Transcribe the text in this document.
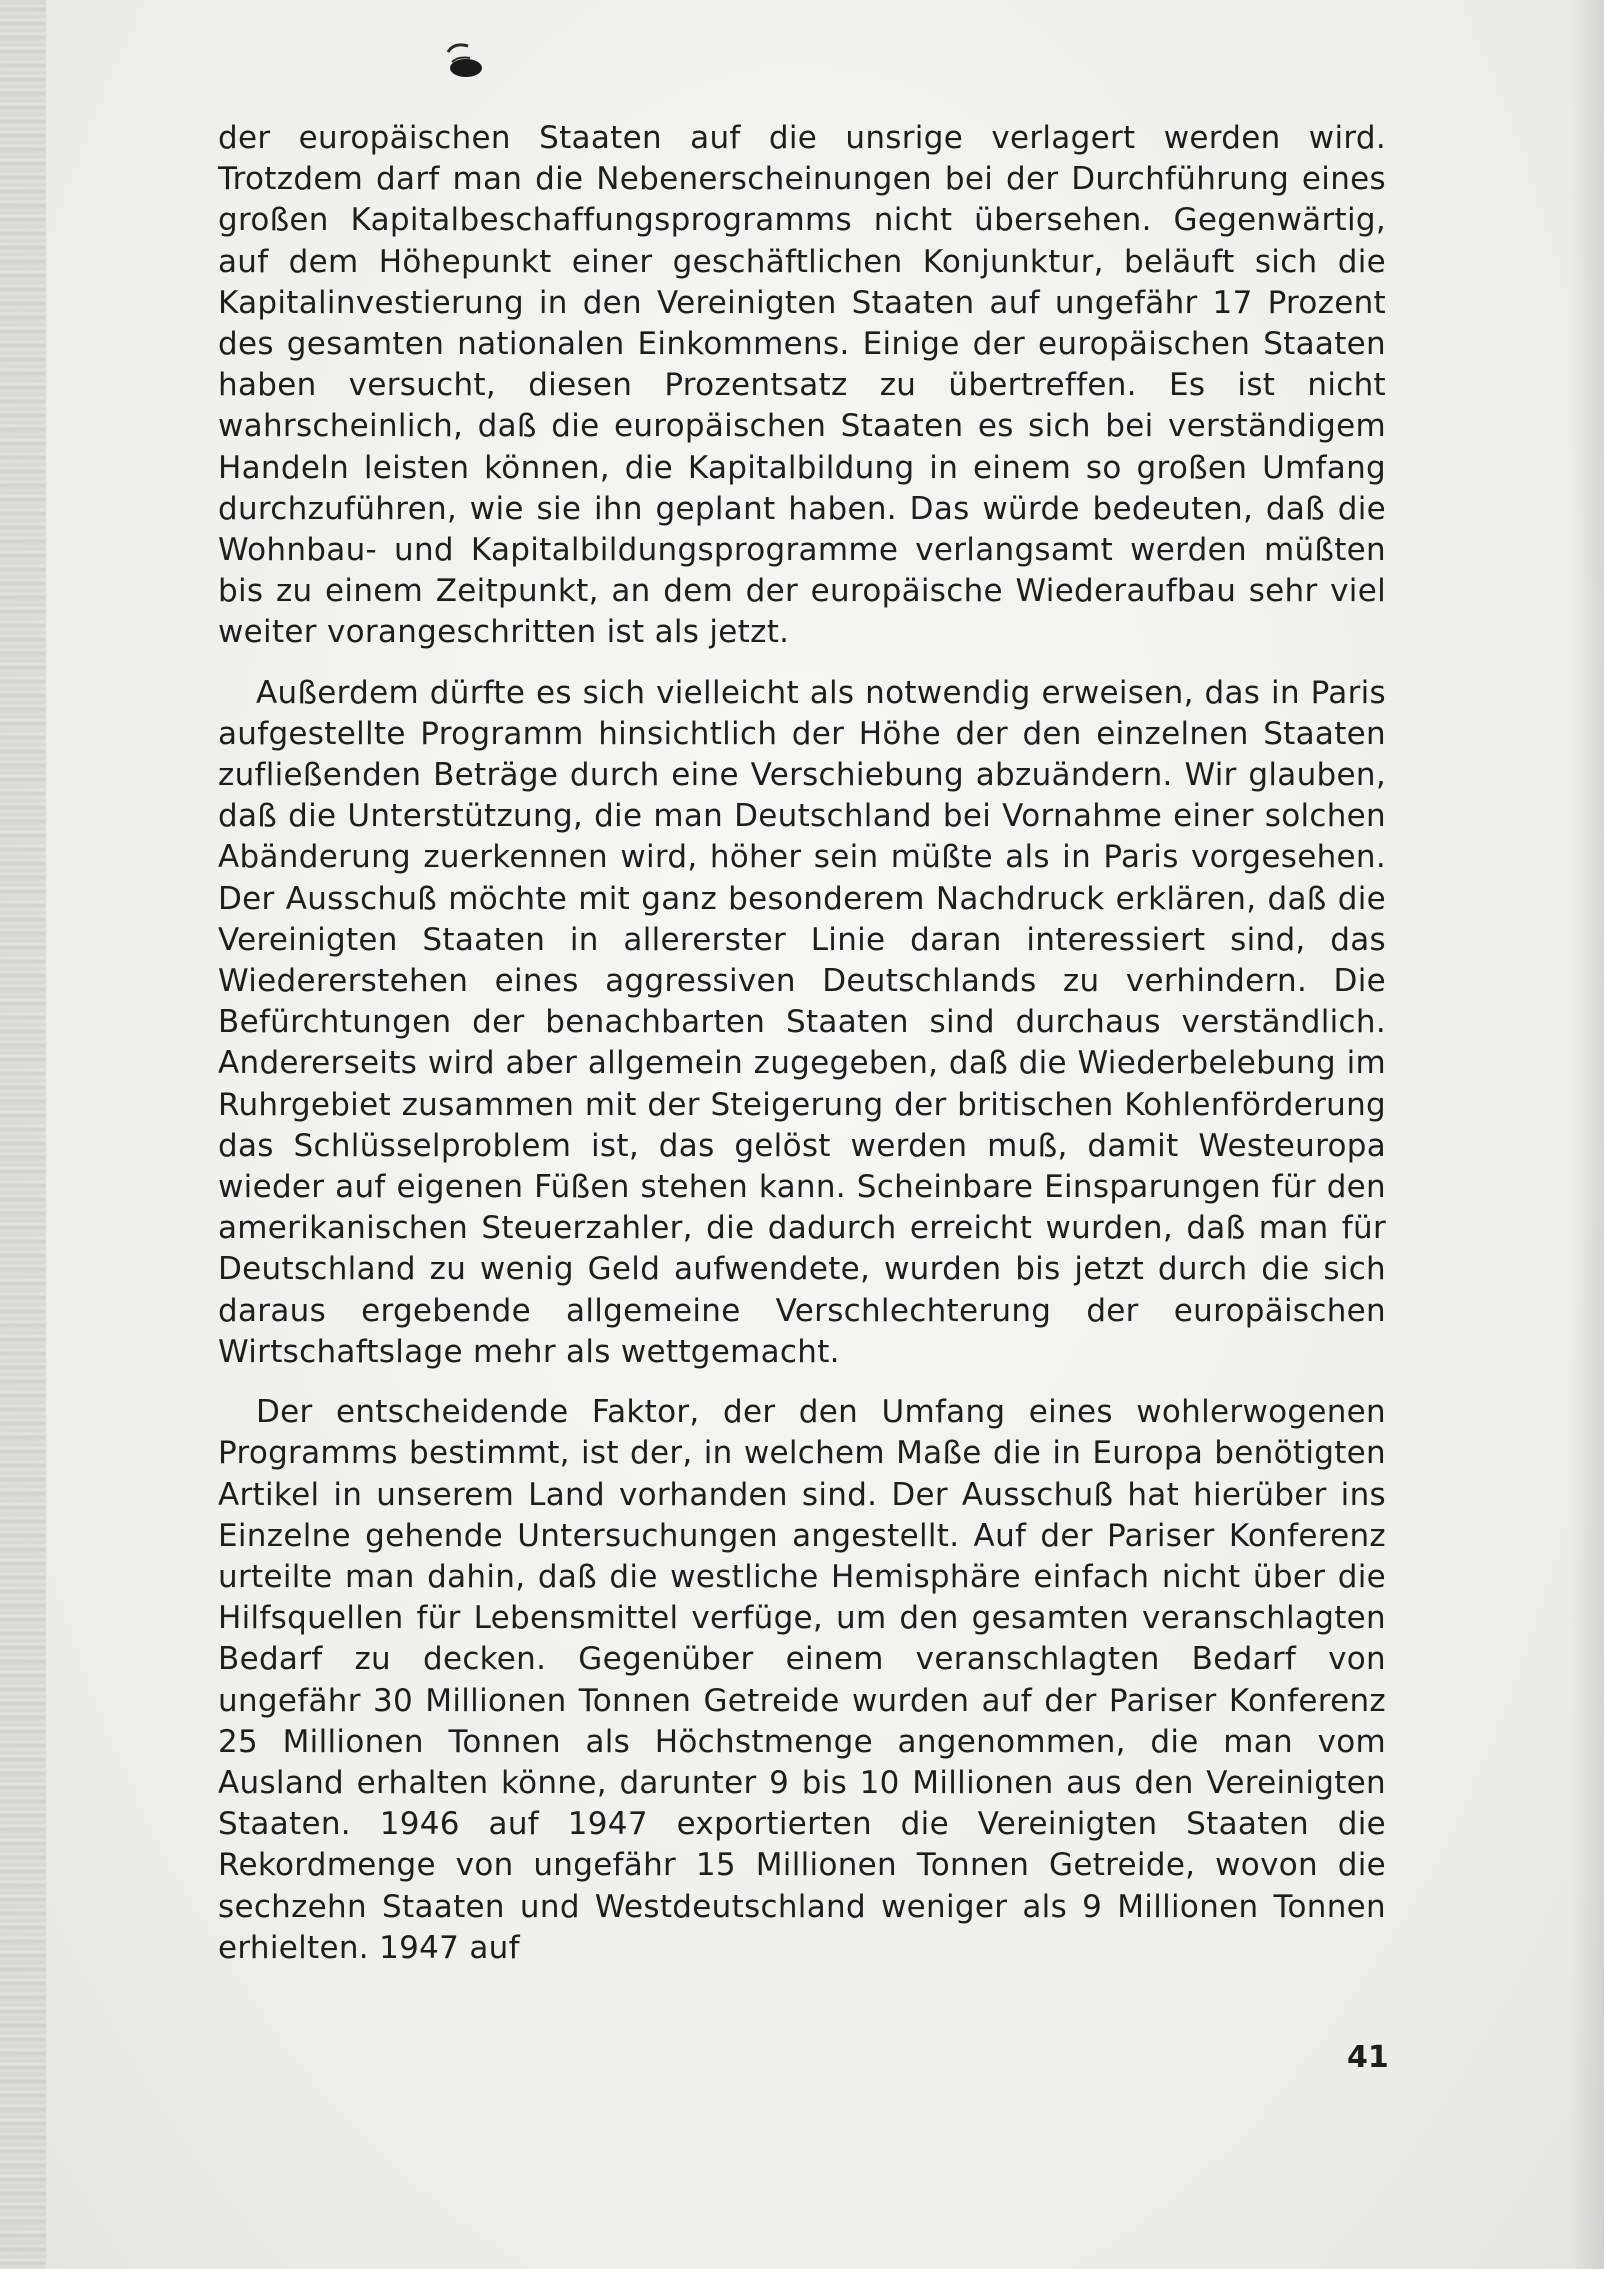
der europäischen Staaten auf die unsrige verlagert werden wird. Trotzdem darf man die Nebenerscheinungen bei der Durchführung eines großen Kapitalbeschaffungsprogramms nicht übersehen. Gegenwärtig, auf dem Höhepunkt einer geschäftlichen Konjunktur, beläuft sich die Kapitalinvestierung in den Vereinigten Staaten auf ungefähr 17 Prozent des gesamten nationalen Einkommens. Einige der europäischen Staaten haben versucht, diesen Prozentsatz zu übertreffen. Es ist nicht wahrscheinlich, daß die europäischen Staaten es sich bei verständigem Handeln leisten können, die Kapitalbildung in einem so großen Umfang durchzuführen, wie sie ihn geplant haben. Das würde bedeuten, daß die Wohnbau- und Kapitalbildungsprogramme verlangsamt werden müßten bis zu einem Zeitpunkt, an dem der europäische Wiederaufbau sehr viel weiter vorangeschritten ist als jetzt.

Außerdem dürfte es sich vielleicht als notwendig erweisen, das in Paris aufgestellte Programm hinsichtlich der Höhe der den einzelnen Staaten zufließenden Beträge durch eine Verschiebung abzuändern. Wir glauben, daß die Unterstützung, die man Deutschland bei Vornahme einer solchen Abänderung zuerkennen wird, höher sein müßte als in Paris vorgesehen. Der Ausschuß möchte mit ganz besonderem Nachdruck erklären, daß die Vereinigten Staaten in allererster Linie daran interessiert sind, das Wiedererstehen eines aggressiven Deutschlands zu verhindern. Die Befürchtungen der benachbarten Staaten sind durchaus verständlich. Andererseits wird aber allgemein zugegeben, daß die Wiederbelebung im Ruhrgebiet zusammen mit der Steigerung der britischen Kohlenförderung das Schlüsselproblem ist, das gelöst werden muß, damit Westeuropa wieder auf eigenen Füßen stehen kann. Scheinbare Einsparungen für den amerikanischen Steuerzahler, die dadurch erreicht wurden, daß man für Deutschland zu wenig Geld aufwendete, wurden bis jetzt durch die sich daraus ergebende allgemeine Verschlechterung der europäischen Wirtschaftslage mehr als wettgemacht.

Der entscheidende Faktor, der den Umfang eines wohlerwogenen Programms bestimmt, ist der, in welchem Maße die in Europa benötigten Artikel in unserem Land vorhanden sind. Der Ausschuß hat hierüber ins Einzelne gehende Untersuchungen angestellt. Auf der Pariser Konferenz urteilte man dahin, daß die westliche Hemisphäre einfach nicht über die Hilfsquellen für Lebensmittel verfüge, um den gesamten veranschlagten Bedarf zu decken. Gegenüber einem veranschlagten Bedarf von ungefähr 30 Millionen Tonnen Getreide wurden auf der Pariser Konferenz 25 Millionen Tonnen als Höchstmenge angenommen, die man vom Ausland erhalten könne, darunter 9 bis 10 Millionen aus den Vereinigten Staaten. 1946 auf 1947 exportierten die Vereinigten Staaten die Rekordmenge von ungefähr 15 Millionen Tonnen Getreide, wovon die sechzehn Staaten und Westdeutschland weniger als 9 Millionen Tonnen erhielten. 1947 auf

41
